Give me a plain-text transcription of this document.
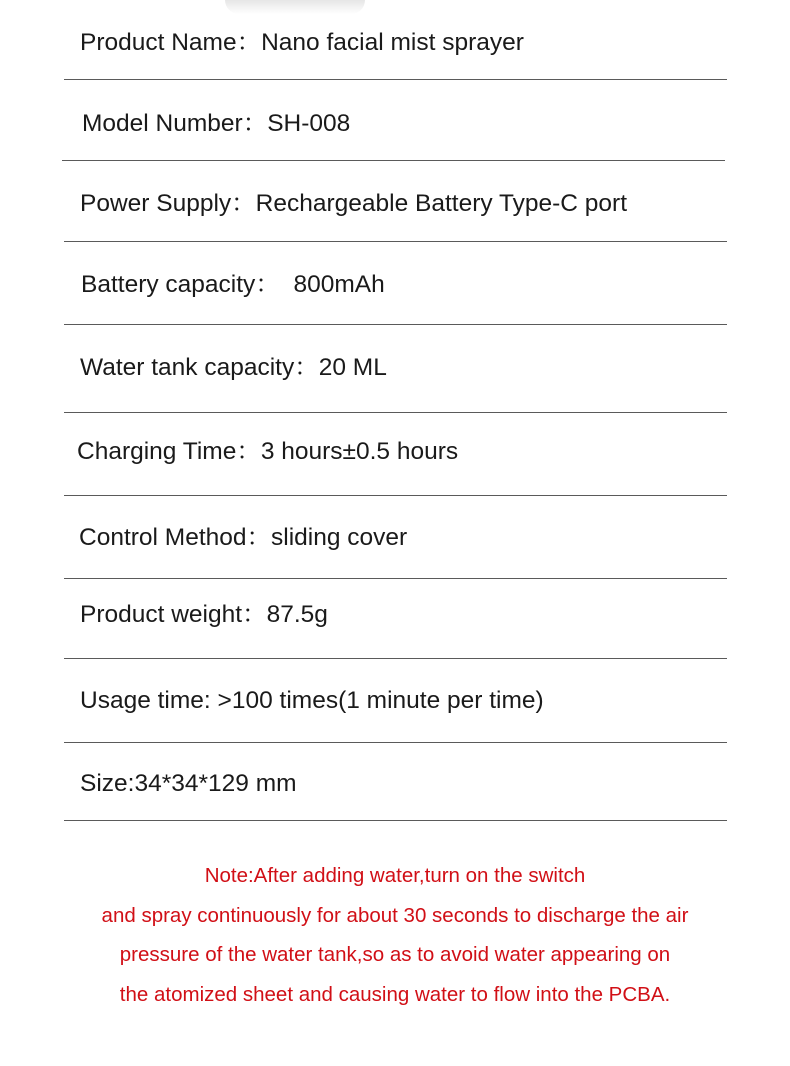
Product Name：Nano facial mist sprayer
Model Number：SH-008
Power Supply：Rechargeable Battery Type-C port
Battery capacity：  800mAh
Water tank capacity：20 ML
Charging Time：3 hours±0.5 hours
Control Method：sliding cover
Product weight：87.5g
Usage time: >100 times(1 minute per time)
Size:34*34*129 mm
Note:After adding water,turn on the switch
and spray continuously for about 30 seconds to discharge the air
pressure of the water tank,so as to avoid water appearing on
the atomized sheet and causing water to flow into the PCBA.
